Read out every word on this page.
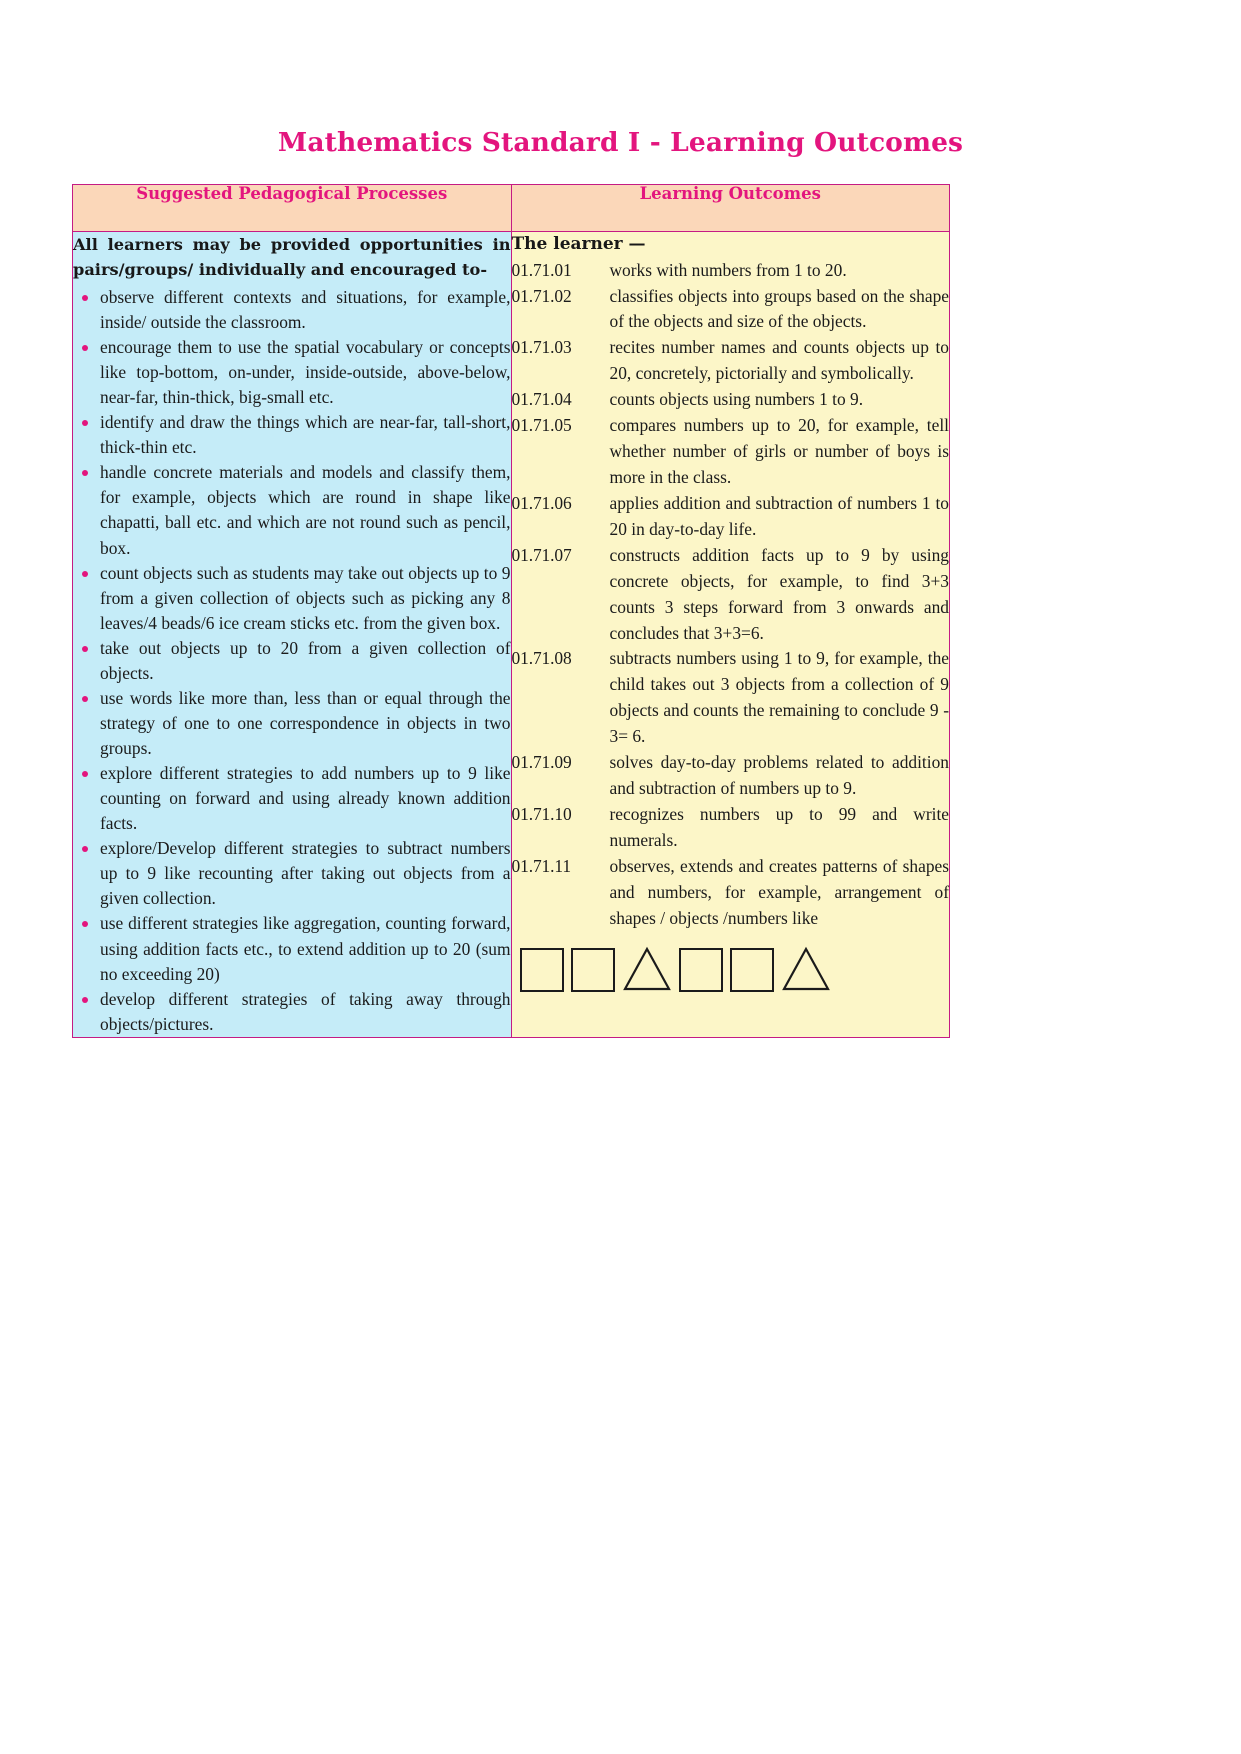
Mathematics Standard I - Learning Outcomes
Suggested Pedagogical Processes	Learning Outcomes

All learners may be provided opportunities in pairs/groups/ individually and encouraged to-

observe different contexts and situations, for example, inside/ outside the classroom.
encourage them to use the spatial vocabulary or concepts like top-bottom, on-under, inside-outside, above-below, near-far, thin-thick, big-small etc.
identify and draw the things which are near-far, tall-short, thick-thin etc.
handle concrete materials and models and classify them, for example, objects which are round in shape like chapatti, ball etc. and which are not round such as pencil, box.
count objects such as students may take out objects up to 9 from a given collection of objects such as picking any 8 leaves/4 beads/6 ice cream sticks etc. from the given box.
take out objects up to 20 from a given collection of objects.
use words like more than, less than or equal through the strategy of one to one correspondence in objects in two groups.
explore different strategies to add numbers up to 9 like counting on forward and using already known addition facts.
explore/Develop different strategies to subtract numbers up to 9 like recounting after taking out objects from a given collection.
use different strategies like aggregation, counting forward, using addition facts etc., to extend addition up to 20 (sum no exceeding 20)
develop different strategies of taking away through objects/pictures.

The learner —

01.71.01	works with numbers from 1 to 20.
01.71.02	classifies objects into groups based on the shape of the objects and size of the objects.
01.71.03	recites number names and counts objects up to 20, concretely, pictorially and symbolically.
01.71.04	counts objects using numbers 1 to 9.
01.71.05	compares numbers up to 20, for example, tell whether number of girls or number of boys is more in the class.
01.71.06	applies addition and subtraction of numbers 1 to 20 in day-to-day life.
01.71.07	constructs addition facts up to 9 by using concrete objects, for example, to find 3+3 counts 3 steps forward from 3 onwards and concludes that 3+3=6.
01.71.08	subtracts numbers using 1 to 9, for example, the child takes out 3 objects from a collection of 9 objects and counts the remaining to conclude 9 - 3= 6.
01.71.09	solves day-to-day problems related to addition and subtraction of numbers up to 9.
01.71.10	recognizes numbers up to 99 and write numerals.
01.71.11	observes, extends and creates patterns of shapes and numbers, for example, arrangement of shapes / objects /numbers like
